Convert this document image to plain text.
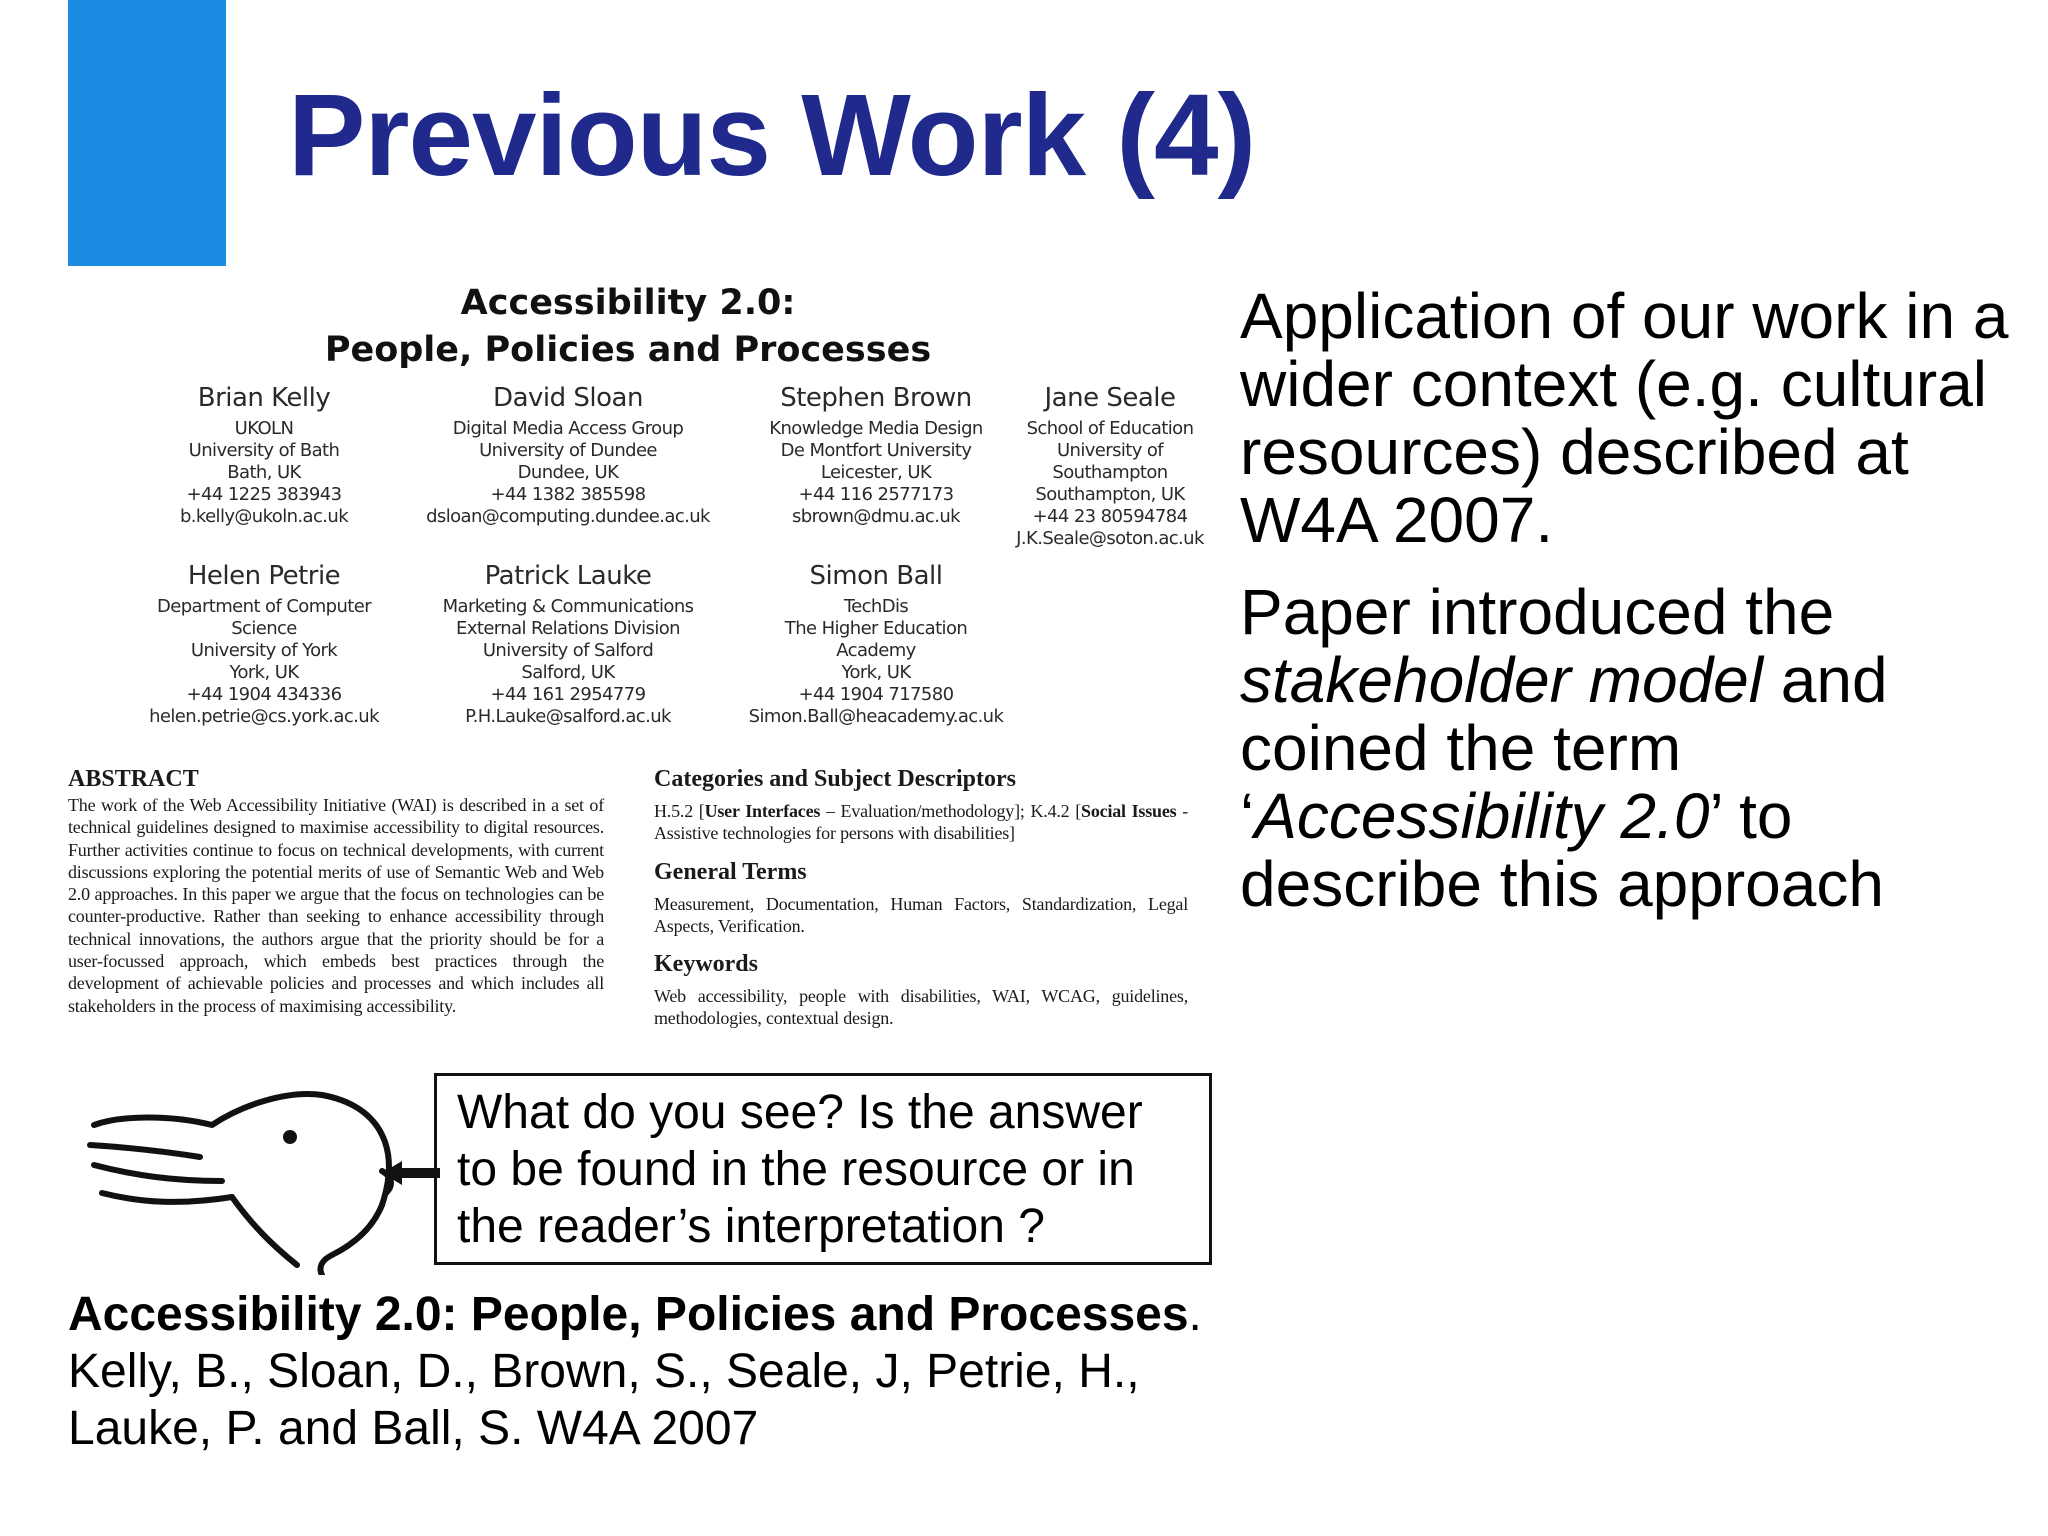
Previous Work (4)
Accessibility 2.0:
People, Policies and Processes
Brian Kelly
UKOLN
University of Bath
Bath, UK
+44 1225 383943
b.kelly@ukoln.ac.uk
David Sloan
Digital Media Access Group
University of Dundee
Dundee, UK
+44 1382 385598
dsloan@computing.dundee.ac.uk
Stephen Brown
Knowledge Media Design
De Montfort University
Leicester, UK
+44 116 2577173
sbrown@dmu.ac.uk
Jane Seale
School of Education
University of
Southampton
Southampton, UK
+44 23 80594784
J.K.Seale@soton.ac.uk
Helen Petrie
Department of Computer
Science
University of York
York, UK
+44 1904 434336
helen.petrie@cs.york.ac.uk
Patrick Lauke
Marketing & Communications
External Relations Division
University of Salford
Salford, UK
+44 161 2954779
P.H.Lauke@salford.ac.uk
Simon Ball
TechDis
The Higher Education
Academy
York, UK
+44 1904 717580
Simon.Ball@heacademy.ac.uk
ABSTRACT
The work of the Web Accessibility Initiative (WAI) is described in a set of technical guidelines designed to maximise accessibility to digital resources. Further activities continue to focus on technical developments, with current discussions exploring the potential merits of use of Semantic Web and Web 2.0 approaches. In this paper we argue that the focus on technologies can be counter-productive. Rather than seeking to enhance accessibility through technical innovations, the authors argue that the priority should be for a user-focussed approach, which embeds best practices through the development of achievable policies and processes and which includes all stakeholders in the process of maximising accessibility.
Categories and Subject Descriptors
H.5.2 [User Interfaces – Evaluation/methodology]; K.4.2 [Social Issues - Assistive technologies for persons with disabilities]
General Terms
Measurement, Documentation, Human Factors, Standardization, Legal Aspects, Verification.
Keywords
Web accessibility, people with disabilities, WAI, WCAG, guidelines, methodologies, contextual design.
What do you see? Is the answer to be found in the resource or in the reader’s interpretation ?

Application of our work in a wider context (e.g. cultural resources) described at W4A 2007.

Paper introduced the stakeholder model and coined the term ‘Accessibility 2.0’ to describe this approach

Accessibility 2.0: People, Policies and Processes.
Kelly, B., Sloan, D., Brown, S., Seale, J, Petrie, H.,
Lauke, P. and Ball, S. W4A 2007
